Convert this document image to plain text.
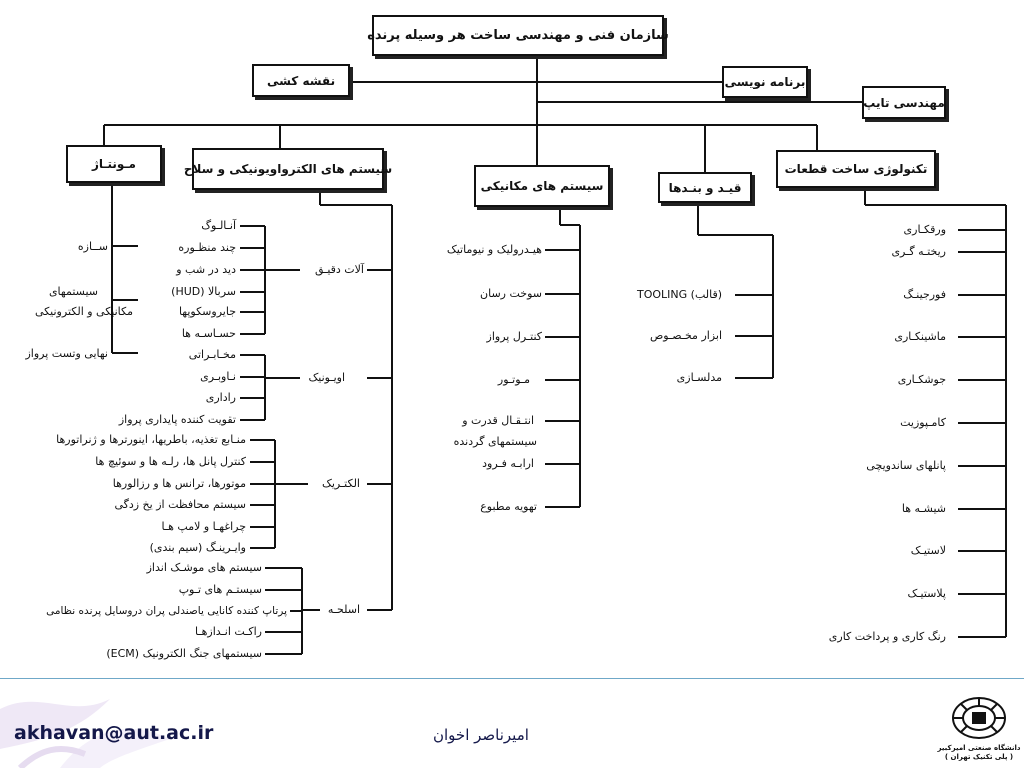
سازمان فنی و مهندسی ساخت هر وسیله پرنده
نقشه کشی	برنامه نویسی
مهندسی تایپ
مـونتـاژ	سیستم های الکترواویونیکی و سلاح
سیستم های مکانیکی	قیـد و بنـدها
تکنولوژی ساخت قطعات
ســازه
سیستمهای
مکانیکی و الکترونیکی
نهایی وتست پرواز
آلات دقیـق
اویـونیک
الکتـریک
اسلحـه
آنـالـوگ
چند منظـوره
دید در شب و
سربالا (HUD)
جایروسکوپها
حسـاسـه ها
مخـابـراتی
نـاوبـری
راداری
تقویت کننده پایداری پرواز
منـابع تغذیه، باطریها، اینورترها و ژنراتورها
کنترل پانل ها، رلـه ها و سوئیچ ها
موتورها، ترانس ها و رزالورها
سیستم محافظت از یخ زدگی
چراغهـا و لامپ هـا
وایـرینـگ (سیم بندی)
سیستم های موشـک انداز
سیستـم های تـوپ
پرتاپ کننده کانایی یاصندلی پران دروسایل پرنده نظامی
راکـت انـدازهـا
سیستمهای جنگ الکترونیک (ECM)
هیـدرولیک و نیوماتیک
سوخت رسان
کنتـرل پرواز
مـوتـور
انتـقـال قدرت و
سیستمهای گردنده
ارابـه فـرود
تهویه مطبوع
TOOLING (قالب)
ابزار مخـصـوص
مدلسـازی
ورقکـاری
ریختـه گـری
فورجینـگ
ماشینکـاری
جوشکـاری
کامـپوزیت
پانلهای ساندویچی
شیشـه ها
لاستیـک
پلاستیـک
رنگ کاری و پرداخت کاری
akhavan@aut.ac.ir	امیرناصر اخوان
دانشگاه صنعتی امیرکبیر
( پلی تکنیک تهران )
